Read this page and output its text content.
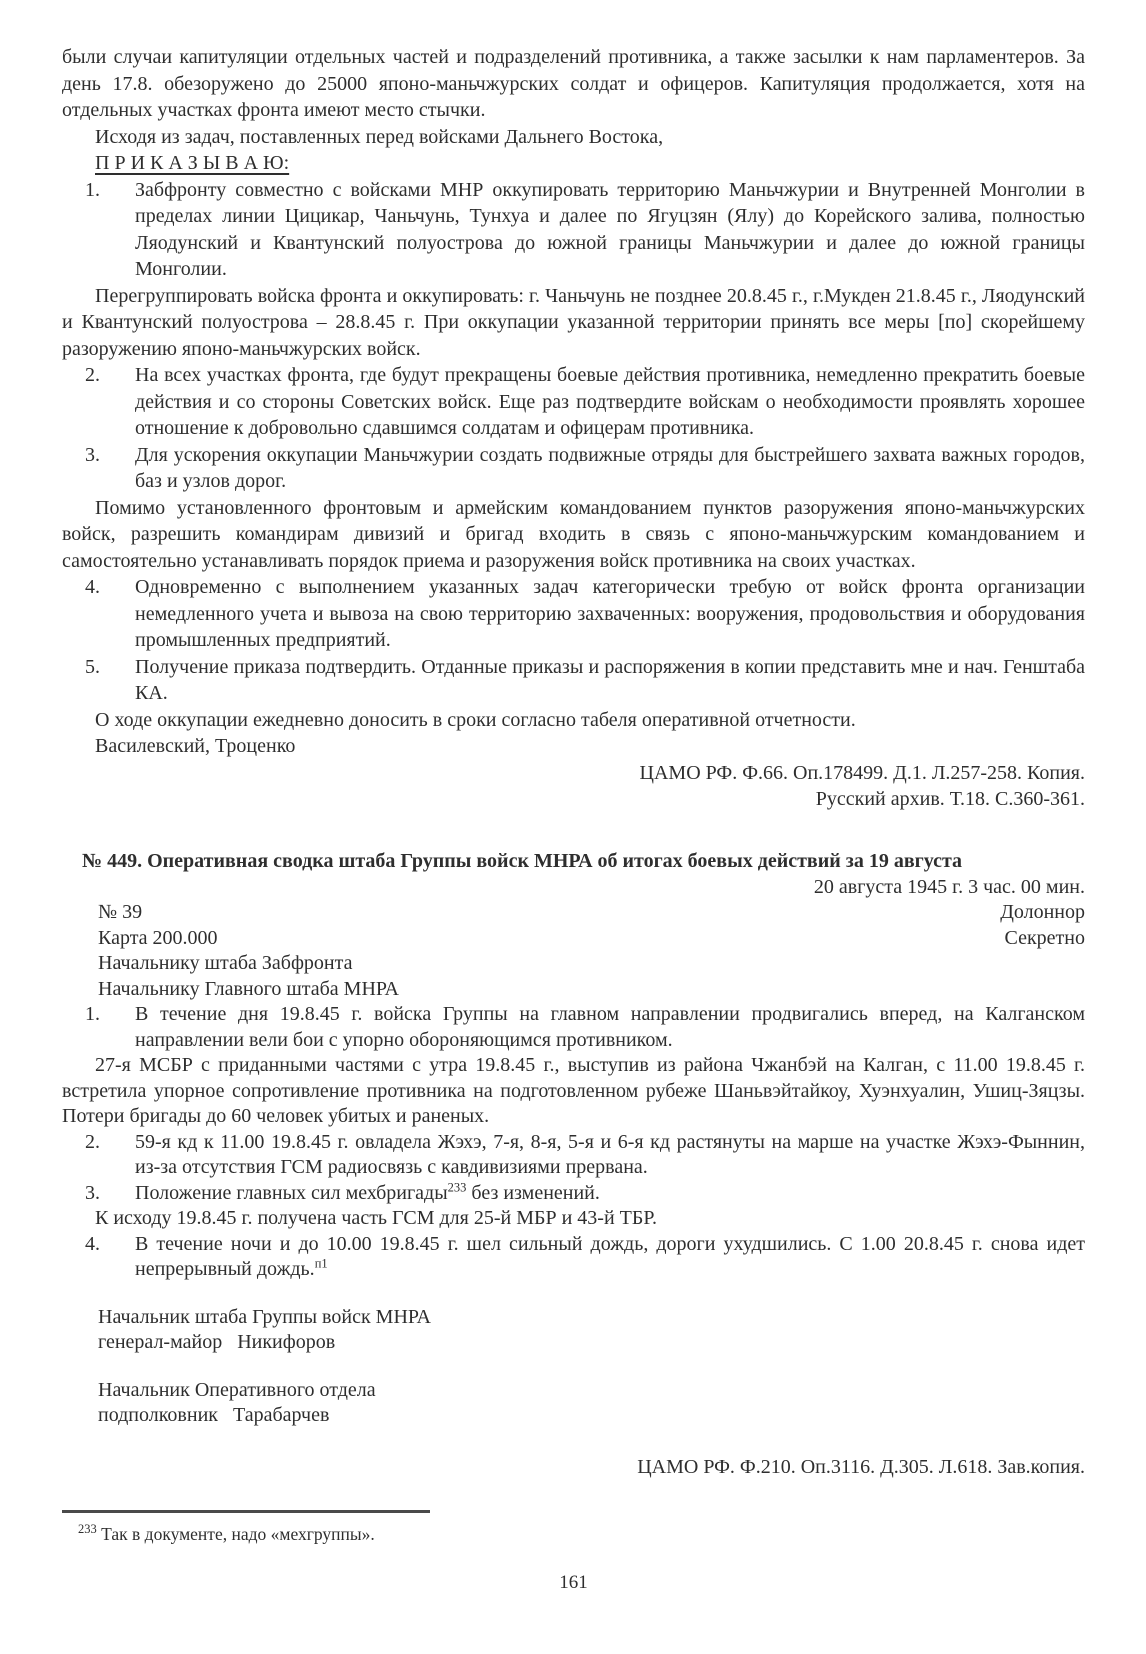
были случаи капитуляции отдельных частей и подразделений противника, а также засылки к нам парламентеров. За день 17.8. обезоружено до 25000 японо-маньчжурских солдат и офицеров. Капитуляция продолжается, хотя на отдельных участках фронта имеют место стычки.

Исходя из задач, поставленных перед войсками Дальнего Востока,

П Р И К А З Ы В А Ю:

1.	Забфронту совместно с войсками МНР оккупировать территорию Маньчжурии и Внутренней Монголии в пределах линии Цицикар, Чаньчунь, Тунхуа и далее по Ягуцзян (Ялу) до Корейского залива, полностью Ляодунский и Квантунский полуострова до южной границы Маньчжурии и далее до южной границы Монголии.

Перегруппировать войска фронта и оккупировать: г. Чаньчунь не позднее 20.8.45 г., г.Мукден 21.8.45 г., Ляодунский и Квантунский полуострова – 28.8.45 г. При оккупации указанной территории принять все меры [по] скорейшему разоружению японо-маньчжурских войск.

2.	На всех участках фронта, где будут прекращены боевые действия противника, немедленно прекратить боевые действия и со стороны Советских войск. Еще раз подтвердите войскам о необходимости проявлять хорошее отношение к добровольно сдавшимся солдатам и офицерам противника.
3.	Для ускорения оккупации Маньчжурии создать подвижные отряды для быстрейшего захвата важных городов, баз и узлов дорог.

Помимо установленного фронтовым и армейским командованием пунктов разоружения японо-маньчжурских войск, разрешить командирам дивизий и бригад входить в связь с японо-маньчжурским командованием и самостоятельно устанавливать порядок приема и разоружения войск противника на своих участках.

4.	Одновременно с выполнением указанных задач категорически требую от войск фронта организации немедленного учета и вывоза на свою территорию захваченных: вооружения, продовольствия и оборудования промышленных предприятий.
5.	Получение приказа подтвердить. Отданные приказы и распоряжения в копии представить мне и нач. Генштаба КА.

О ходе оккупации ежедневно доносить в сроки согласно табеля оперативной отчетности.

Василевский, Троценко

ЦАМО РФ. Ф.66. Оп.178499. Д.1. Л.257-258. Копия.

Русский архив. Т.18. С.360-361.

№ 449. Оперативная сводка штаба Группы войск МНРА об итогах боевых действий за 19 августа

20 августа 1945 г. 3 час. 00 мин.

№ 39	Долоннор
Карта 200.000	Секретно

Начальнику штаба Забфронта

Начальнику Главного штаба МНРА

1.	В течение дня 19.8.45 г. войска Группы на главном направлении продвигались вперед, на Калганском направлении вели бои с упорно обороняющимся противником.

27-я МСБР с приданными частями с утра 19.8.45 г., выступив из района Чжанбэй на Калган, с 11.00 19.8.45 г. встретила упорное сопротивление противника на подготовленном рубеже Шаньвэйтайкоу, Хуэнхуалин, Ушиц-Зяцзы. Потери бригады до 60 человек убитых и раненых.

2.	59-я кд к 11.00 19.8.45 г. овладела Жэхэ, 7-я, 8-я, 5-я и 6-я кд растянуты на марше на участке Жэхэ-Фыннин, из-за отсутствия ГСМ радиосвязь с кавдивизиями прервана.
3.	Положение главных сил мехбригады$^{233}$ без изменений.

К исходу 19.8.45 г. получена часть ГСМ для 25-й МБР и 43-й ТБР.

4.	В течение ночи и до 10.00 19.8.45 г. шел сильный дождь, дороги ухудшились. С 1.00 20.8.45 г. снова идет непрерывный дождь.$^{п1}$

Начальник штаба Группы войск МНРА

генерал-майор   Никифоров

Начальник Оперативного отдела

подполковник   Тарабарчев

ЦАМО РФ. Ф.210. Оп.3116. Д.305. Л.618. Зав.копия.

$^{233}$ Так в документе, надо «мехгруппы».

161
